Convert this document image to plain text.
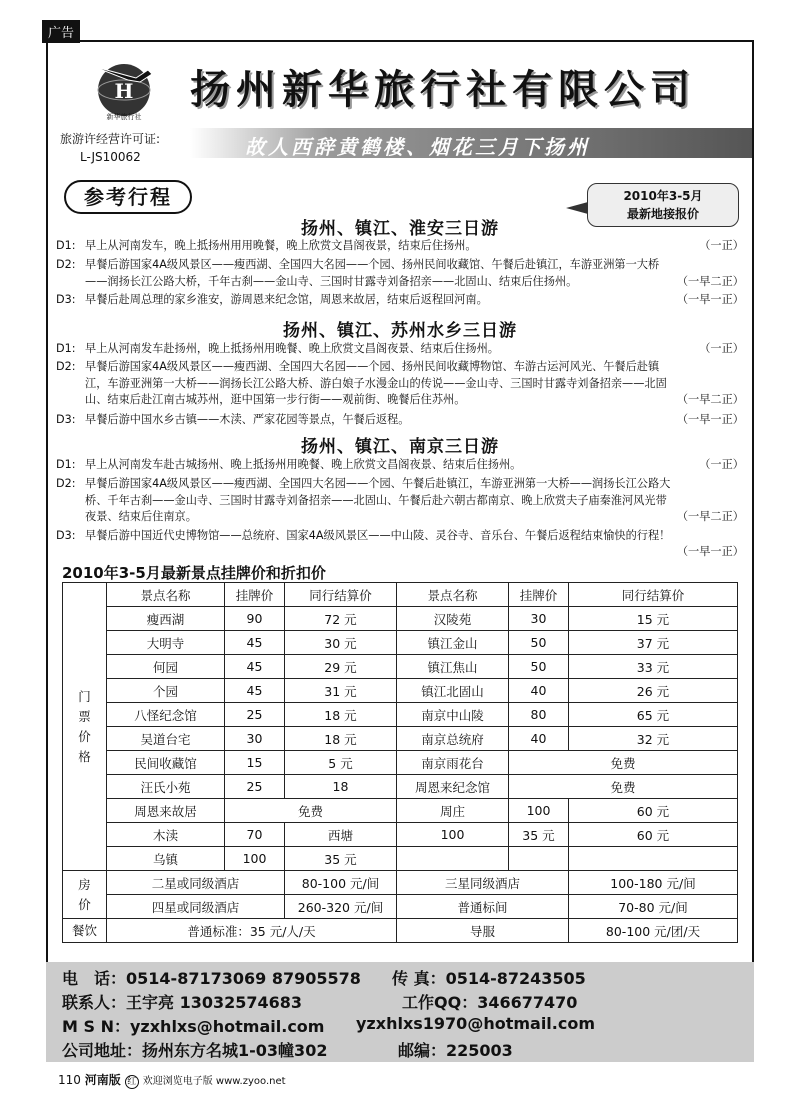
广告
H
新华旅行社
扬州新华旅行社有限公司
旅游许经营许可证:
L-JS10062	故人西辞黄鹤楼、烟花三月下扬州
参考行程	2010年3-5月
最新地接报价
扬州、镇江、淮安三日游
D1: 早上从河南发车，晚上抵扬州用用晚餐，晚上欣赏文昌阁夜景，结束后住扬州。	（一正）
D2: 早餐后游国家4A级风景区——瘦西湖、全国四大名园——个园、扬州民间收藏馆、午餐后赴镇江，车游亚洲第一大桥——润扬长江公路大桥，千年古刹——金山寺、三国时甘露寺刘备招亲——北固山、结束后住扬州。	（一早二正）
D3: 早餐后赴周总理的家乡淮安，游周恩来纪念馆，周恩来故居，结束后返程回河南。	（一早一正）
扬州、镇江、苏州水乡三日游
D1: 早上从河南发车赴扬州，晚上抵扬州用晚餐、晚上欣赏文昌阁夜景、结束后住扬州。	（一正）
D2: 早餐后游国家4A级风景区——瘦西湖、全国四大名园——个园、扬州民间收藏博物馆、车游古运河风光、午餐后赴镇江，车游亚洲第一大桥——润扬长江公路大桥、游白娘子水漫金山的传说——金山寺、三国时甘露寺刘备招亲——北固山、结束后赴江南古城苏州，逛中国第一步行街——观前街、晚餐后住苏州。	（一早二正）
D3: 早餐后游中国水乡古镇——木渎、严家花园等景点，午餐后返程。	（一早一正）
扬州、镇江、南京三日游
D1: 早上从河南发车赴古城扬州、晚上抵扬州用晚餐、晚上欣赏文昌阁夜景、结束后住扬州。	（一正）
D2: 早餐后游国家4A级风景区——瘦西湖、全国四大名园——个园、午餐后赴镇江，车游亚洲第一大桥——润扬长江公路大桥、千年古刹——金山寺、三国时甘露寺刘备招亲——北固山、午餐后赴六朝古都南京、晚上欣赏夫子庙秦淮河风光带夜景、结束后住南京。	（一早二正）
D3: 早餐后游中国近代史博物馆——总统府、国家4A级风景区——中山陵、灵谷寺、音乐台、午餐后返程结束愉快的行程！
（一早一正）
2010年3-5月最新景点挂牌价和折扣价
门票价格	景点名称	挂牌价	同行结算价	景点名称	挂牌价	同行结算价
	瘦西湖	90	72 元	汉陵苑	30	15 元
	大明寺	45	30 元	镇江金山	50	37 元
	何园	45	29 元	镇江焦山	50	33 元
	个园	45	31 元	镇江北固山	40	26 元
	八怪纪念馆	25	18 元	南京中山陵	80	65 元
	吴道台宅	30	18 元	南京总统府	40	32 元
	民间收藏馆	15	5 元	南京雨花台	免费	
	汪氏小苑	25	18	周恩来纪念馆	免费	
	周恩来故居	免费		周庄	100	60 元
	木渎	70	西塘	100	35 元	60 元
	乌镇	100	35 元			

房价	二星或同级酒店		80-100 元/间	三星同级酒店		100-180 元/间
	四星或同级酒店		260-320 元/间	普通标间		70-80 元/间
餐饮	普通标准：35 元/人/天			导服		80-100 元/团/天
电　话：0514-87173069 87905578 传 真：0514-87243505
联系人：王宇亮 13032574683	工作QQ：346677470
M S N：yzxhlxs@hotmail.com yzxhlxs1970@hotmail.com
公司地址：扬州东方名城1-03幢302	邮编：225003
110 河南版 红 欢迎浏览电子版 www.zyoo.net
